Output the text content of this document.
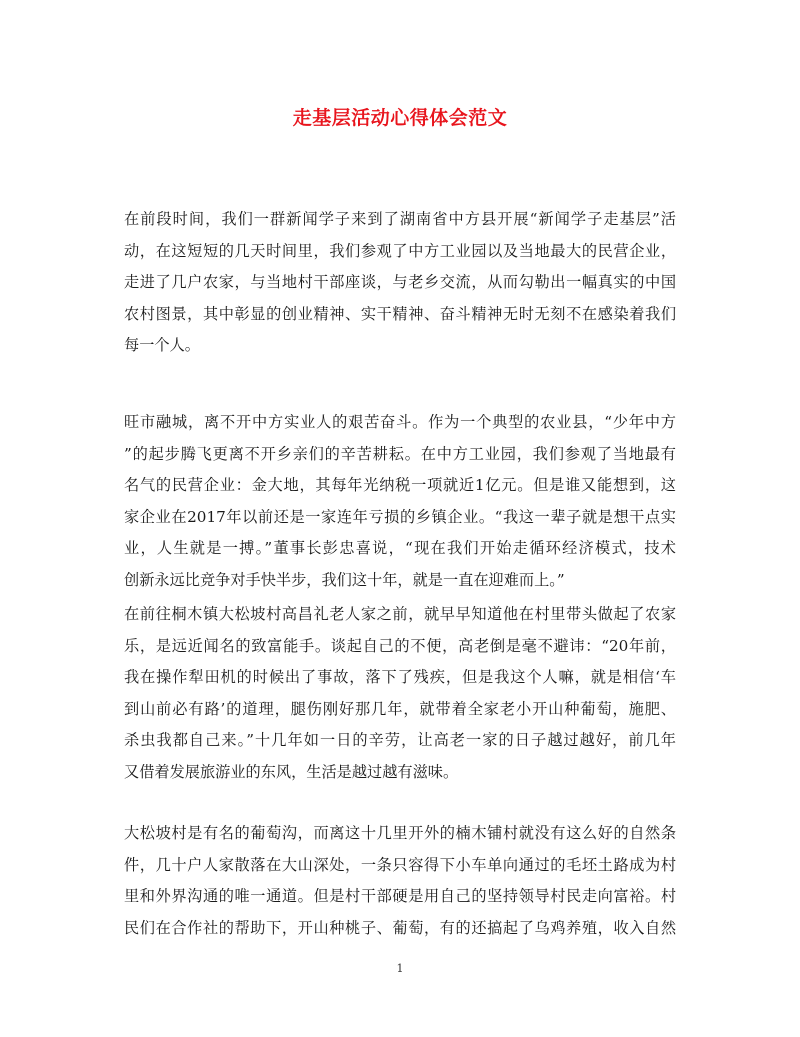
走基层活动心得体会范文
在前段时间，我们一群新闻学子来到了湖南省中方县开展“新闻学子走基层”活
动，在这短短的几天时间里，我们参观了中方工业园以及当地最大的民营企业，
走进了几户农家，与当地村干部座谈，与老乡交流，从而勾勒出一幅真实的中国
农村图景，其中彰显的创业精神、实干精神、奋斗精神无时无刻不在感染着我们
每一个人。
旺市融城，离不开中方实业人的艰苦奋斗。作为一个典型的农业县，“少年中方
”的起步腾飞更离不开乡亲们的辛苦耕耘。在中方工业园，我们参观了当地最有
名气的民营企业：金大地，其每年光纳税一项就近1亿元。但是谁又能想到，这
家企业在2017年以前还是一家连年亏损的乡镇企业。“我这一辈子就是想干点实
业，人生就是一搏。”董事长彭忠喜说，“现在我们开始走循环经济模式，技术
创新永远比竞争对手快半步，我们这十年，就是一直在迎难而上。”
在前往桐木镇大松坡村高昌礼老人家之前，就早早知道他在村里带头做起了农家
乐，是远近闻名的致富能手。谈起自己的不便，高老倒是毫不避讳：“20年前，
我在操作犁田机的时候出了事故，落下了残疾，但是我这个人嘛，就是相信‘车
到山前必有路’的道理，腿伤刚好那几年，就带着全家老小开山种葡萄，施肥、
杀虫我都自己来。”十几年如一日的辛劳，让高老一家的日子越过越好，前几年
又借着发展旅游业的东风，生活是越过越有滋味。
大松坡村是有名的葡萄沟，而离这十几里开外的楠木铺村就没有这么好的自然条
件，几十户人家散落在大山深处，一条只容得下小车单向通过的毛坯土路成为村
里和外界沟通的唯一通道。但是村干部硬是用自己的坚持领导村民走向富裕。村
民们在合作社的帮助下，开山种桃子、葡萄，有的还搞起了乌鸡养殖，收入自然
1
